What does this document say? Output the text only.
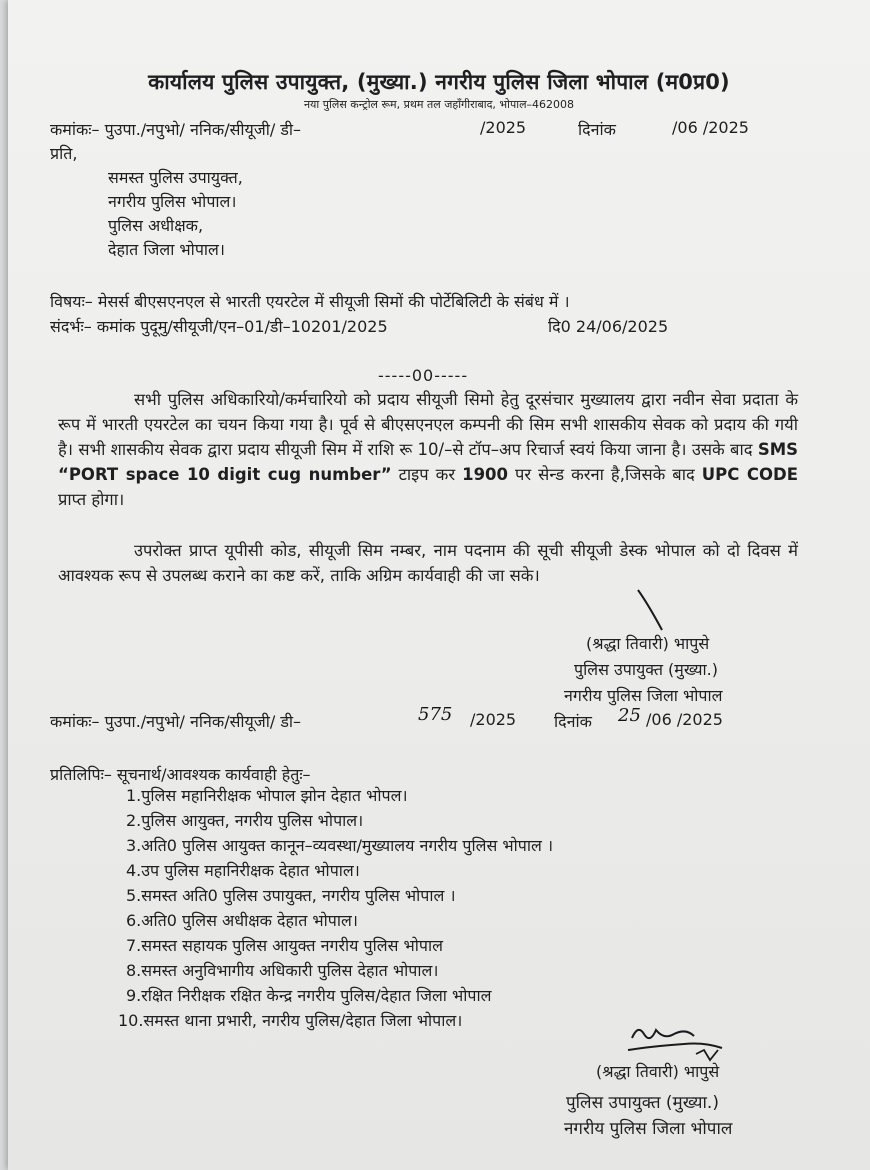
कार्यालय पुलिस उपायुक्त, (मुख्या.) नगरीय पुलिस जिला भोपाल (म0प्र0)
नया पुलिस कन्ट्रोल रूम, प्रथम तल जहाँगीराबाद, भोपाल–462008
कमांकः– पुउपा./नपुभो/ ननिक/सीयूजी/ डी–	/2025	दिनांक	/06 /2025
प्रति,
समस्त पुलिस उपायुक्त,
नगरीय पुलिस भोपाल।
पुलिस अधीक्षक,
देहात जिला भोपाल।
विषयः– मेसर्स बीएसएनएल से भारती एयरटेल में सीयूजी सिमों की पोर्टेबिलिटी के संबंध में ।
संदर्भः– कमांक पुदूमु/सीयूजी/एन–01/डी–10201/2025	दि0 24/06/2025
-----00-----
सभी पुलिस अधिकारियो/कर्मचारियो को प्रदाय सीयूजी सिमो हेतु दूरसंचार मुख्यालय द्वारा नवीन सेवा प्रदाता के रूप में भारती एयरटेल का चयन किया गया है। पूर्व से बीएसएनएल कम्पनी की सिम सभी शासकीय सेवक को प्रदाय की गयी है। सभी शासकीय सेवक द्वारा प्रदाय सीयूजी सिम में राशि रू 10/–से टॉप–अप रिचार्ज स्वयं किया जाना है। उसके बाद SMS “PORT space 10 digit cug number” टाइप कर 1900 पर सेन्ड करना है,जिसके बाद UPC CODE प्राप्त होगा।
उपरोक्त प्राप्त यूपीसी कोड, सीयूजी सिम नम्बर, नाम पदनाम की सूची सीयूजी डेस्क भोपाल को दो दिवस में आवश्यक रूप से उपलब्ध कराने का कष्ट करें, ताकि अग्रिम कार्यवाही की जा सके।
(श्रद्धा तिवारी) भापुसे
पुलिस उपायुक्त (मुख्या.)
नगरीय पुलिस जिला भोपाल
कमांकः– पुउपा./नपुभो/ ननिक/सीयूजी/ डी–	575 /2025 दिनांक 25 /06 /2025
प्रतिलिपिः– सूचनार्थ/आवश्यक कार्यवाही हेतुः–
1.पुलिस महानिरीक्षक भोपाल झोन देहात भोपल।
2.पुलिस आयुक्त, नगरीय पुलिस भोपाल।
3.अति0 पुलिस आयुक्त कानून–व्यवस्था/मुख्यालय नगरीय पुलिस भोपाल ।
4.उप पुलिस महानिरीक्षक देहात भोपाल।
5.समस्त अति0 पुलिस उपायुक्त, नगरीय पुलिस भोपाल ।
6.अति0 पुलिस अधीक्षक देहात भोपाल।
7.समस्त सहायक पुलिस आयुक्त नगरीय पुलिस भोपाल
8.समस्त अनुविभागीय अधिकारी पुलिस देहात भोपाल।
9.रक्षित निरीक्षक रक्षित केन्द्र नगरीय पुलिस/देहात जिला भोपाल
10.समस्त थाना प्रभारी, नगरीय पुलिस/देहात जिला भोपाल।
(श्रद्धा तिवारी) भापुसे
पुलिस उपायुक्त (मुख्या.)
नगरीय पुलिस जिला भोपाल
